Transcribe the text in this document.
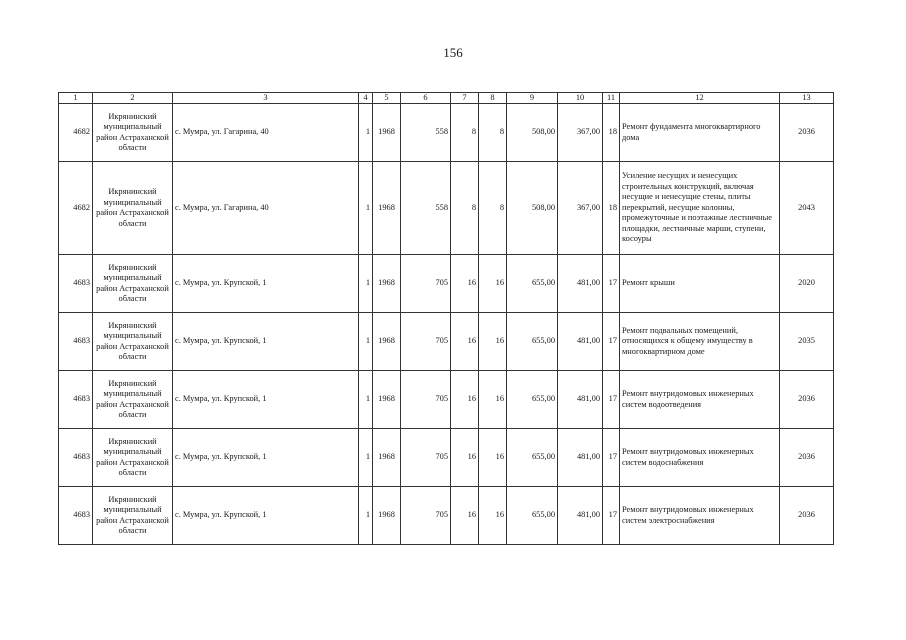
156
1	2	3	4	5	6	7	8	9	10	11	12	13
4682	Икрянинский муниципальный район Астраханской области	с. Мумра, ул. Гагарина, 40	1	1968	558	8	8	508,00	367,00	18	Ремонт фундамента многоквартирного дома	2036
4682	Икрянинский муниципальный район Астраханской области	с. Мумра, ул. Гагарина, 40	1	1968	558	8	8	508,00	367,00	18	Усиление несущих и ненесущих строительных конструкций, включая несущие и ненесущие стены, плиты перекрытий, несущие колонны, промежуточные и поэтажные лестничные площадки, лестничные марши, ступени, косоуры	2043
4683	Икрянинский муниципальный район Астраханской области	с. Мумра, ул. Крупской, 1	1	1968	705	16	16	655,00	481,00	17	Ремонт крыши	2020
4683	Икрянинский муниципальный район Астраханской области	с. Мумра, ул. Крупской, 1	1	1968	705	16	16	655,00	481,00	17	Ремонт подвальных помещений, относящихся к общему имуществу в многоквартирном доме	2035
4683	Икрянинский муниципальный район Астраханской области	с. Мумра, ул. Крупской, 1	1	1968	705	16	16	655,00	481,00	17	Ремонт внутридомовых инженерных систем водоотведения	2036
4683	Икрянинский муниципальный район Астраханской области	с. Мумра, ул. Крупской, 1	1	1968	705	16	16	655,00	481,00	17	Ремонт внутридомовых инженерных систем водоснабжения	2036
4683	Икрянинский муниципальный район Астраханской области	с. Мумра, ул. Крупской, 1	1	1968	705	16	16	655,00	481,00	17	Ремонт внутридомовых инженерных систем электроснабжения	2036
